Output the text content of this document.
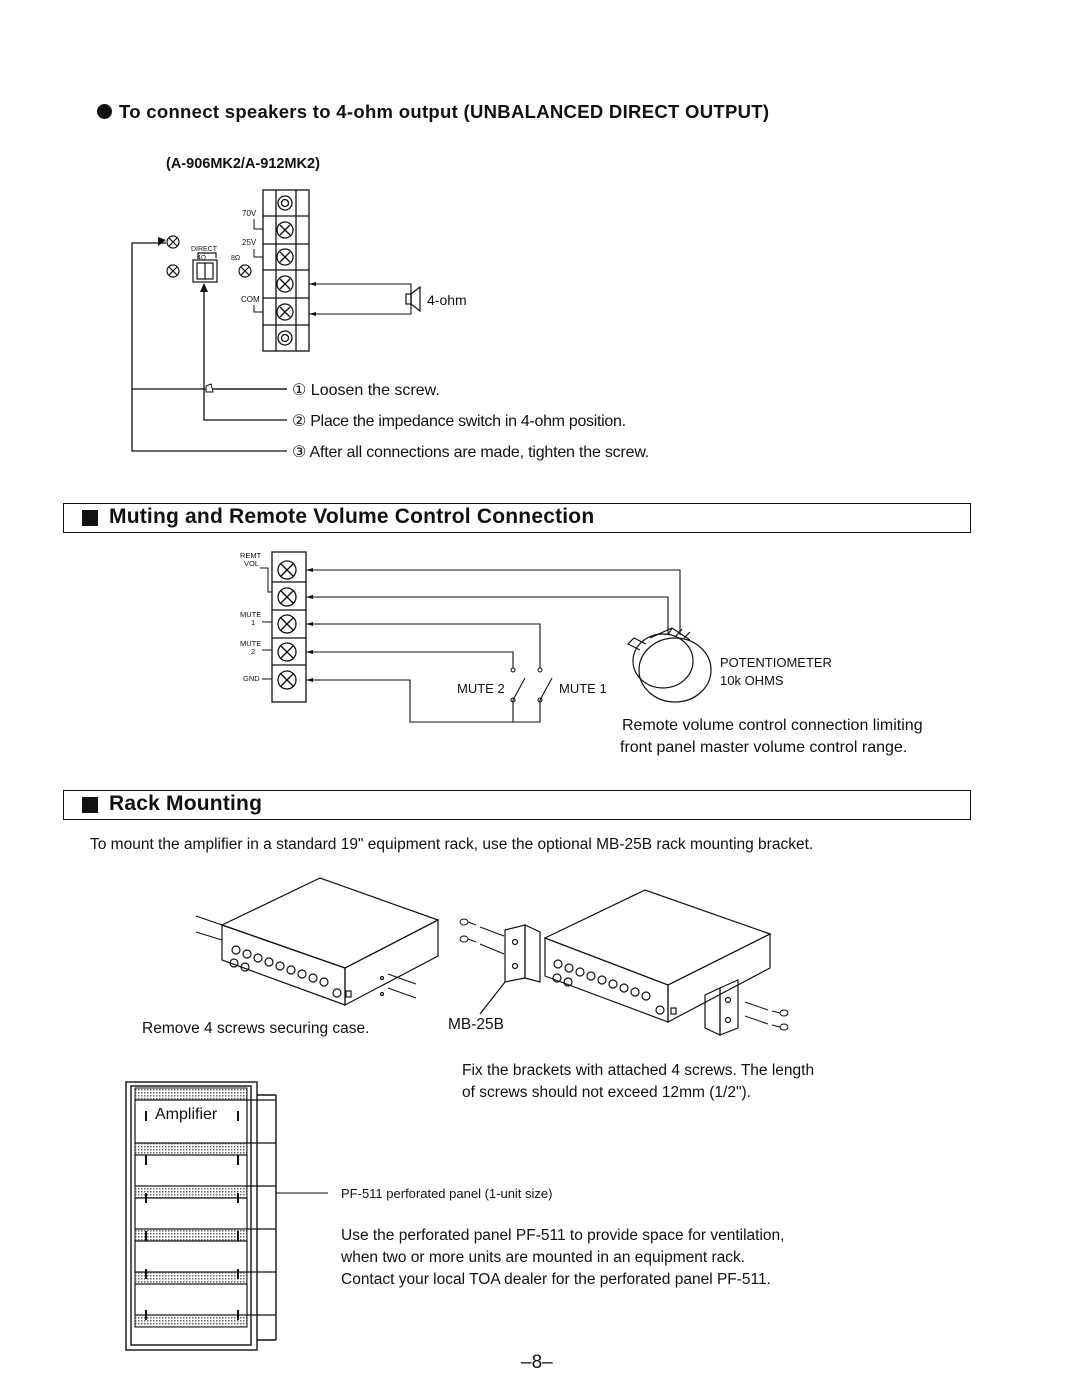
To connect speakers to 4-ohm output (UNBALANCED DIRECT OUTPUT)
(A-906MK2/A-912MK2)
70V
25V
COM
DIRECT
4Ω	8Ω
4-ohm
① Loosen the screw.
② Place the impedance switch in 4-ohm position.
③ After all connections are made, tighten the screw.
Muting and Remote Volume Control Connection
REMT
VOL
MUTE
1
MUTE
2
GND
MUTE 2	MUTE 1
POTENTIOMETER
10k OHMS
Remote volume control connection limiting
front panel master volume control range.
Rack Mounting
To mount the amplifier in a standard 19" equipment rack, use the optional MB-25B rack mounting bracket.
Remove 4 screws securing case.	MB-25B
Fix the brackets with attached 4 screws. The length
of screws should not exceed 12mm (1/2").
Amplifier
PF-511 perforated panel (1-unit size)
Use the perforated panel PF-511 to provide space for ventilation,
when two or more units are mounted in an equipment rack.
Contact your local TOA dealer for the perforated panel PF-511.
–8–
